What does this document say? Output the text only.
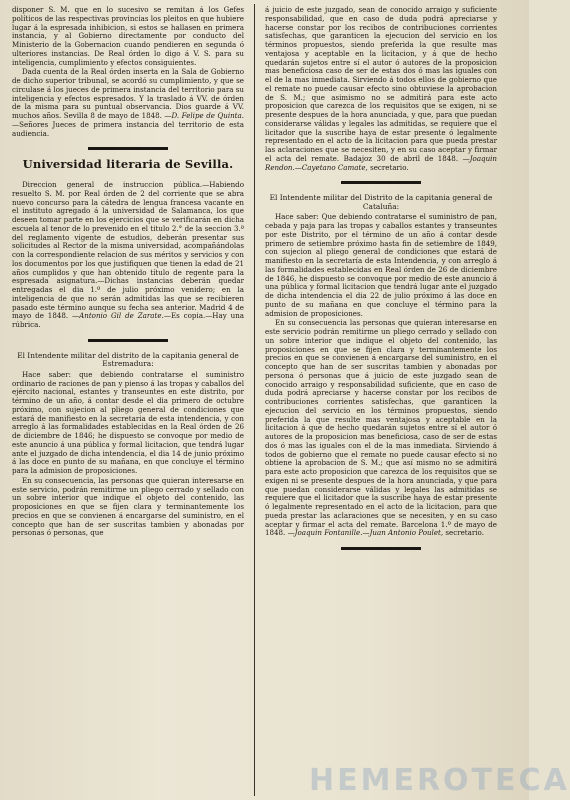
disponer S. M. que en lo sucesivo se remitan á los Gefes políticos de las respectivas provincias los pleitos en que hubiere lugar á la espresada inhibicion, si estos se hallasen en primera instancia, y al Gobierno directamente por conducto del Ministerio de la Gobernacion cuando pendieren en segunda ó ulteriores instancias. De Real órden lo digo á V. S. para su inteligencia, cumplimiento y efectos consiguientes.

Dada cuenta de la Real órden inserta en la Sala de Gobierno de dicho superior tribunal, se acordó su cumplimiento, y que se circulase á los jueces de primera instancia del territorio para su inteligencia y efectos espresados. Y la traslado á VV. de órden de la misma para su puntual observancia. Dios guarde á VV. muchos años. Sevilla 8 de mayo de 1848. —D. Felipe de Quinta.—Señores Jueces de primera instancia del territorio de esta audiencia.

Universidad literaria de Sevilla.

Direccion general de instruccion pública.—Habiendo resuelto S. M. por Real órden de 2 del corriente que se abra nuevo concurso para la cátedra de lengua francesa vacante en el instituto agregado á la universidad de Salamanca, los que deseen tomar parte en los ejercicios que se verificarán en dicha escuela al tenor de lo prevenido en el titulo 2.° de la seccion 3.ª del reglamento vigente de estudios, deberán presentar sus solicitudes al Rector de la misma universidad, acompañándolas con la correspondiente relacion de sus méritos y servicios y con los documentos por los que justifiquen que tienen la edad de 21 años cumplidos y que han obtenido título de regente para la espresada asignatura.—Dichas instancias deberán quedar entregadas el dia 1.º de julio próximo venidero; en la inteligencia de que no serán admitidas las que se recibieren pasado este término aunque su fecha sea anterior. Madrid 4 de mayo de 1848. —Antonio Gil de Zarate.—Es copia.—Hay una rúbrica.

El Intendente militar del distrito de la capitania general de Estremadura:

Hace saber: que debiendo contratarse el suministro ordinario de raciones de pan y pienso á las tropas y caballos del ejército nacional, estantes y transeuntes en este distrito, por término de un año, á contar desde el dia primero de octubre próximo, con sujecion al pliego general de condiciones que estará de manifiesto en la secretaria de esta intendencia, y con arreglo á las formalidades establecidas en la Real órden de 26 de diciembre de 1846; he dispuesto se convoque por medio de este anuncio á una pública y formal licitacion, que tendrá lugar ante el juzgado de dicha intendencia, el dia 14 de junio próximo á las doce en punto de su mañana, en que concluye el término para la admision de proposiciones.

En su consecuencia, las personas que quieran interesarse en este servicio, podrán remitirme un pliego cerrado y sellado con un sobre interior que indique el objeto del contenido, las proposiciones en que se fijen clara y terminantemente los precios en que se convienen á encargarse del suministro, en el concepto que han de ser suscritas tambien y abonadas por personas ó personas, que

á juicio de este juzgado, sean de conocido arraigo y suficiente responsabilidad, que en caso de duda podrá apreciarse y hacerse constar por los recibos de contribuciones corrientes satisfechas, que garanticen la ejecucion del servicio en los términos propuestos, siendo preferida la que resulte mas ventajosa y aceptable en la licitacion, y á que de hecho quedarán sujetos entre sí el autor ó autores de la proposicion mas beneficiosa caso de ser de estas dos ó mas las iguales con el de la mas inmediata. Sirviendo á todos ellos de gobierno que el remate no puede causar efecto sino obtuviese la aprobacion de S. M.; que asimismo no se admitirá para este acto proposicion que carezca de los requisitos que se exigen, ni se presente despues de la hora anunciada, y que, para que puedan considerarse válidas y legales las admitidas, se requiere que el licitador que la suscribe haya de estar presente ó legalmente representado en el acto de la licitacion para que pueda prestar las aclaraciones que se necesiten, y en su caso aceptar y firmar el acta del remate. Badajoz 30 de abril de 1848. —Joaquin Rendon.—Cayetano Camate, secretario.

El Intendente militar del Distrito de la capitania general de Cataluña:

Hace saber: Que debiendo contratarse el suministro de pan, cebada y paja para las tropas y caballos estantes y transeuntes por este Distrito, por el término de un año á contar desde primero de setiembre próximo hasta fin de setiembre de 1849, con sujecion al pliego general de condiciones que estará de manifiesto en la secretaría de esta Intendencia, y con arreglo á las formalidades establecidas en Real órden de 26 de diciembre de 1846, he dispuesto se convoque por medio de este anuncio á una pública y formal licitacion que tendrá lugar ante el juzgado de dicha intendencia el dia 22 de julio próximo á las doce en punto de su mañana en que concluye el término para la admision de proposiciones.

En su consecuencia las personas que quieran interesarse en este servicio podrán remitirme un pliego cerrado y sellado con un sobre interior que indique el objeto del contenido, las proposiciones en que se fijen clara y terminantemente los precios en que se convienen á encargarse del suministro, en el concepto que han de ser suscritas tambien y abonadas por persona ó personas que á juicio de este juzgado sean de conocido arraigo y responsabilidad suficiente, que en caso de duda podrá apreciarse y hacerse constar por los recibos de contribuciones corrientes satisfechas, que garanticen la ejecucion del servicio en los términos propuestos, siendo preferida la que resulte mas ventajosa y aceptable en la licitacion á que de hecho quedarán sujetos entre sí el autor ó autores de la proposicion mas beneficiosa, caso de ser de estas dos ó mas las iguales con el de la mas inmediata. Sirviendo á todos de gobierno que el remate no puede causar efecto si no obtiene la aprobacion de S. M.; que así mismo no se admitirá para este acto proposicion que carezca de los requisitos que se exigen ni se presente despues de la hora anunciada, y que para que puedan considerarse válidas y legales las admitidas se requiere que el licitador que la suscribe haya de estar presente ó legalmente representado en el acto de la licitacion, para que pueda prestar las aclaraciones que se necesiten, y en su caso aceptar y firmar el acta del remate. Barcelona 1.º de mayo de 1848. —Joaquin Fontanille.—Juan Antonio Poulet, secretario.

HEMEROTECA
